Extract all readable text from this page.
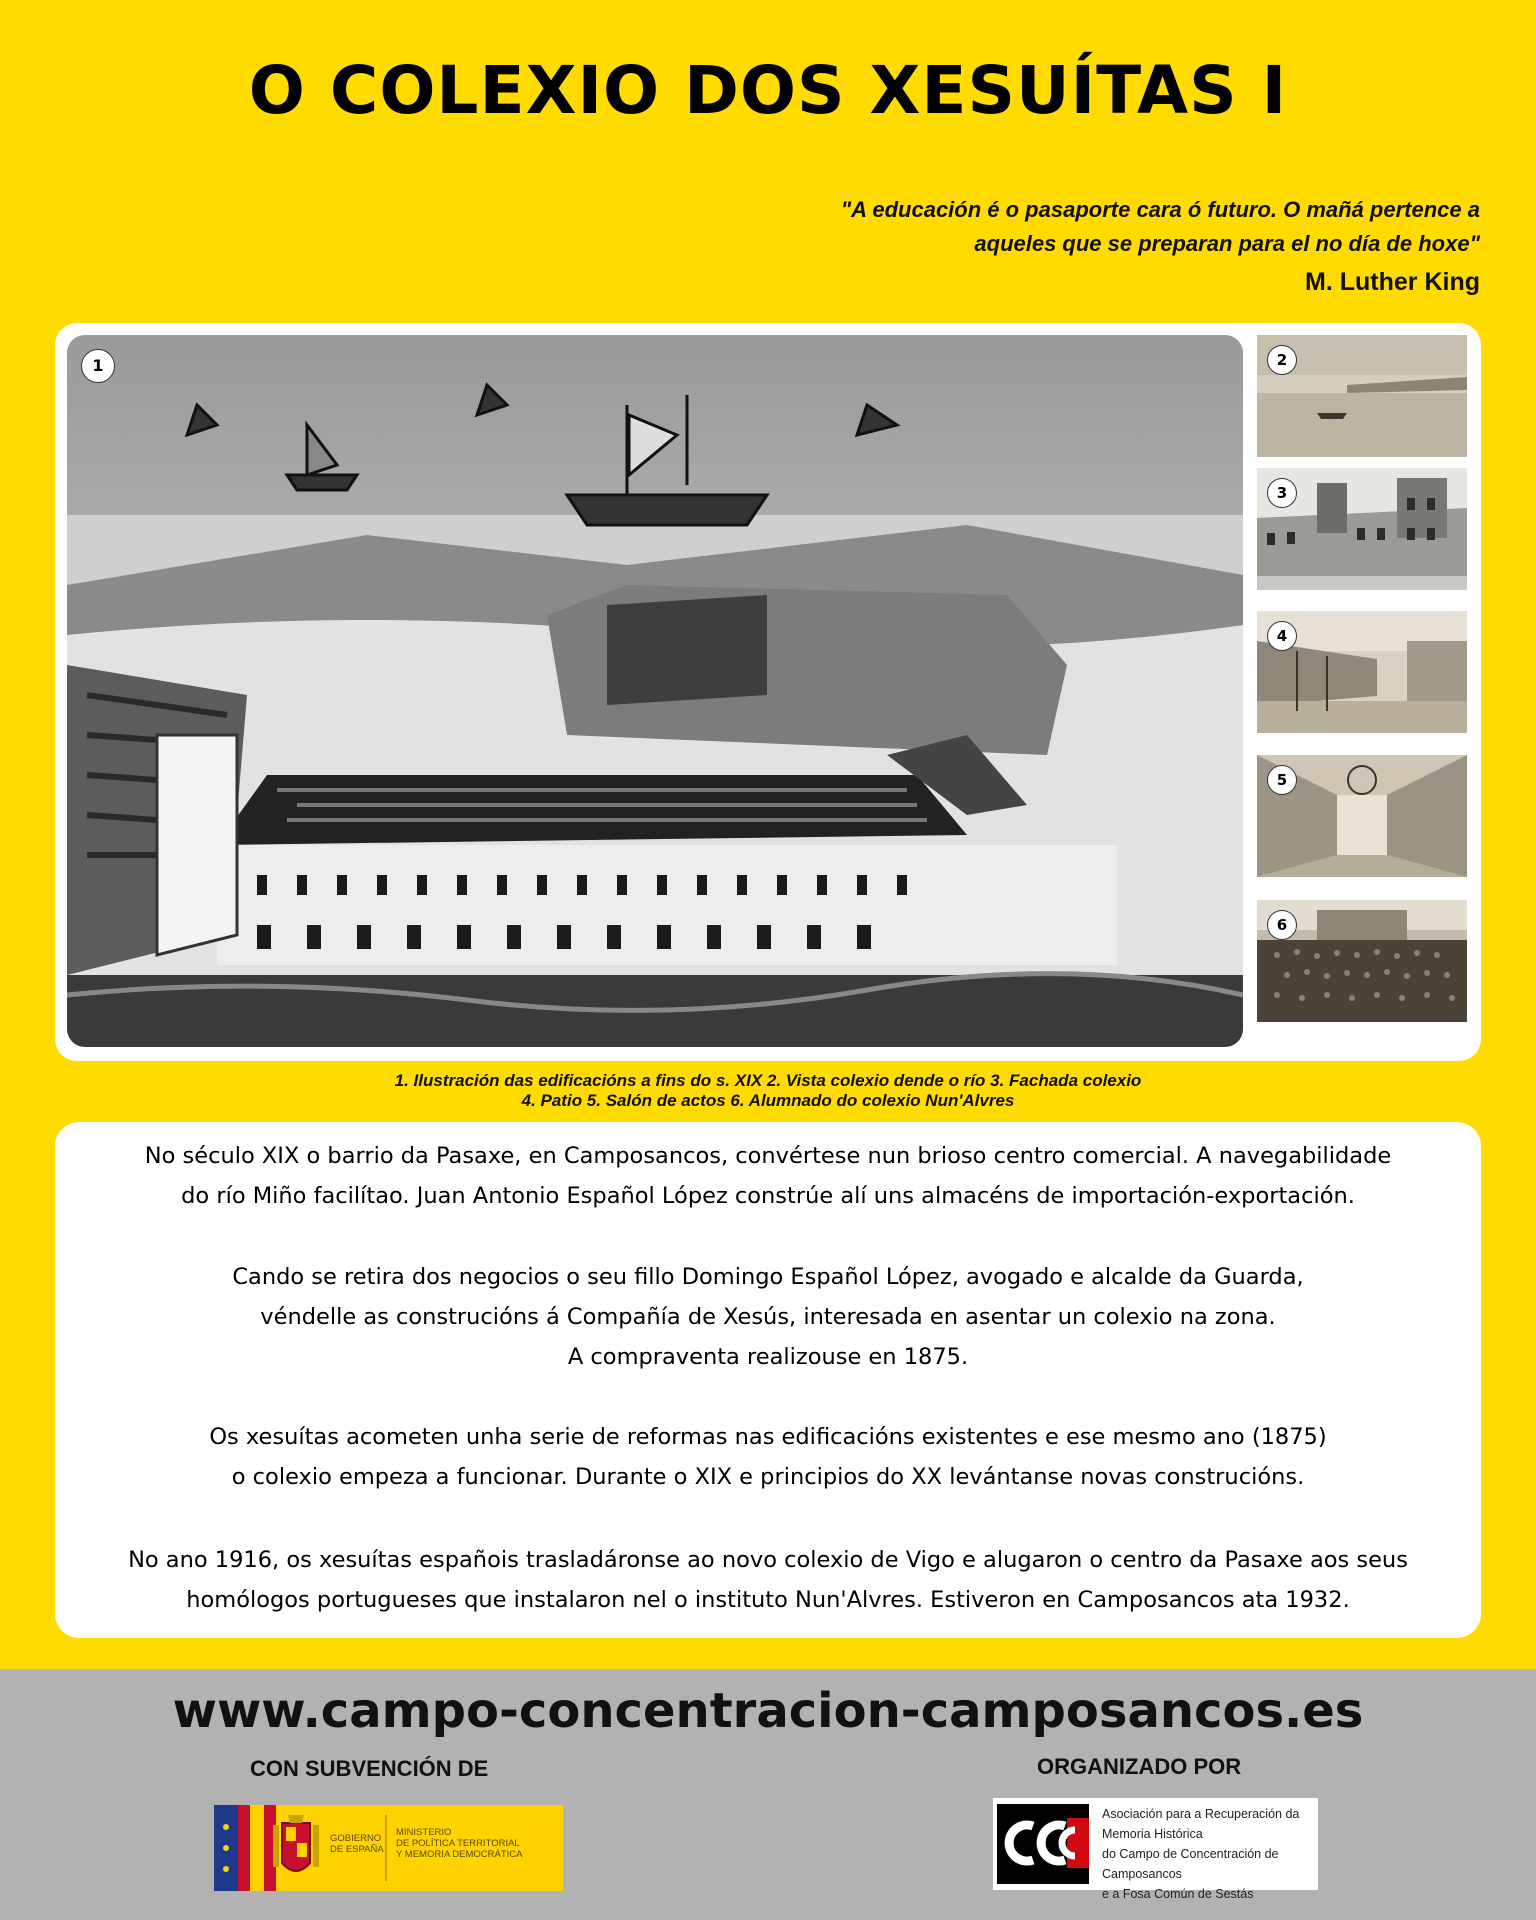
O COLEXIO DOS XESUÍTAS I
"A educación é o pasaporte cara ó futuro. O mañá pertence a
aqueles que se preparan para el no día de hoxe"
M. Luther King
1	2
3
4
5
6
1. Ilustración das edificacións a fins do s. XIX 2. Vista colexio dende o río 3. Fachada colexio
4. Patio 5. Salón de actos 6. Alumnado do colexio Nun'Alvres
No século XIX o barrio da Pasaxe, en Camposancos, convértese nun brioso centro comercial. A navegabilidade
do río Miño facilítao. Juan Antonio Español López constrúe alí uns almacéns de importación-exportación.
Cando se retira dos negocios o seu fillo Domingo Español López, avogado e alcalde da Guarda,
véndelle as construcións á Compañía de Xesús, interesada en asentar un colexio na zona.
A compraventa realizouse en 1875.
Os xesuítas acometen unha serie de reformas nas edificacións existentes e ese mesmo ano (1875)
o colexio empeza a funcionar. Durante o XIX e principios do XX levántanse novas construcións.
No ano 1916, os xesuítas españois trasladáronse ao novo colexio de Vigo e alugaron o centro da Pasaxe aos seus
homólogos portugueses que instalaron nel o instituto Nun'Alvres. Estiveron en Camposancos ata 1932.
www.campo-concentracion-camposancos.es
CON SUBVENCIÓN DE	ORGANIZADO POR
GOBIERNO
DE ESPAÑA
MINISTERIO
DE POLÍTICA TERRITORIAL
Y MEMORIA DEMOCRÁTICA
Asociación para a Recuperación da Memoria Histórica
do Campo de Concentración de Camposancos
e a Fosa Común de Sestás
